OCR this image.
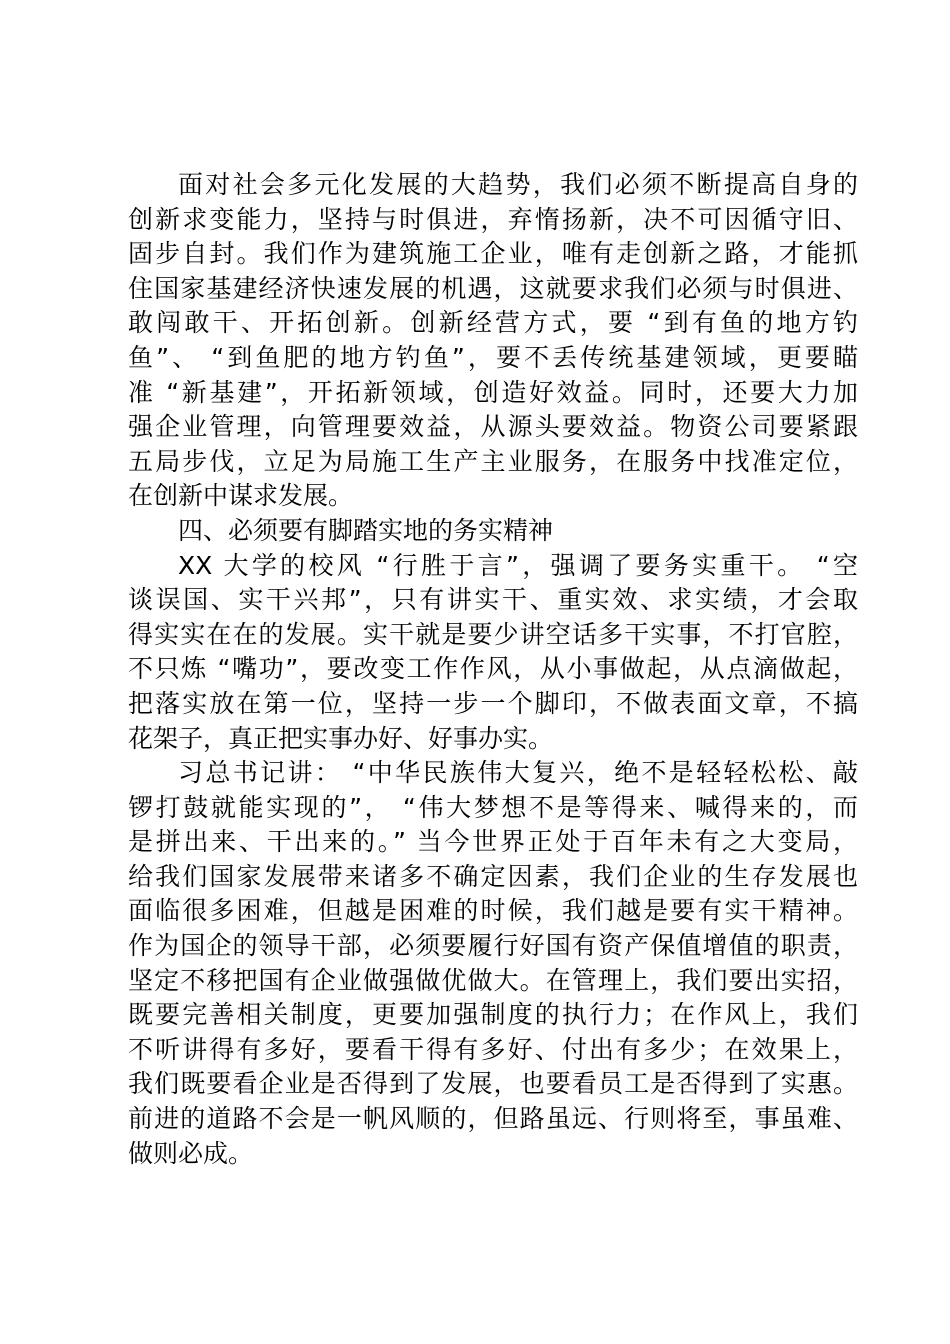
面对社会多元化发展的大趋势，我们必须不断提高自身的
创新求变能力，坚持与时俱进，弃惰扬新，决不可因循守旧、
固步自封。我们作为建筑施工企业，唯有走创新之路，才能抓
住国家基建经济快速发展的机遇，这就要求我们必须与时俱进、
敢闯敢干、开拓创新。创新经营方式，要 “到有鱼的地方钓
鱼”、 “到鱼肥的地方钓鱼”，要不丢传统基建领域，更要瞄
准 “新基建”，开拓新领域，创造好效益。同时，还要大力加
强企业管理，向管理要效益，从源头要效益。物资公司要紧跟
五局步伐，立足为局施工生产主业服务，在服务中找准定位，
在创新中谋求发展。
四、必须要有脚踏实地的务实精神
XX 大学的校风 “行胜于言”，强调了要务实重干。 “空
谈误国、实干兴邦”，只有讲实干、重实效、求实绩，才会取
得实实在在的发展。实干就是要少讲空话多干实事，不打官腔，
不只炼 “嘴功”，要改变工作作风，从小事做起，从点滴做起，
把落实放在第一位，坚持一步一个脚印，不做表面文章，不搞
花架子，真正把实事办好、好事办实。
习总书记讲： “中华民族伟大复兴，绝不是轻轻松松、敲
锣打鼓就能实现的”， “伟大梦想不是等得来、喊得来的，而
是拼出来、干出来的。” 当今世界正处于百年未有之大变局，
给我们国家发展带来诸多不确定因素，我们企业的生存发展也
面临很多困难，但越是困难的时候，我们越是要有实干精神。
作为国企的领导干部，必须要履行好国有资产保值增值的职责，
坚定不移把国有企业做强做优做大。在管理上，我们要出实招，
既要完善相关制度，更要加强制度的执行力；在作风上，我们
不听讲得有多好，要看干得有多好、付出有多少；在效果上，
我们既要看企业是否得到了发展，也要看员工是否得到了实惠。
前进的道路不会是一帆风顺的，但路虽远、行则将至，事虽难、
做则必成。
